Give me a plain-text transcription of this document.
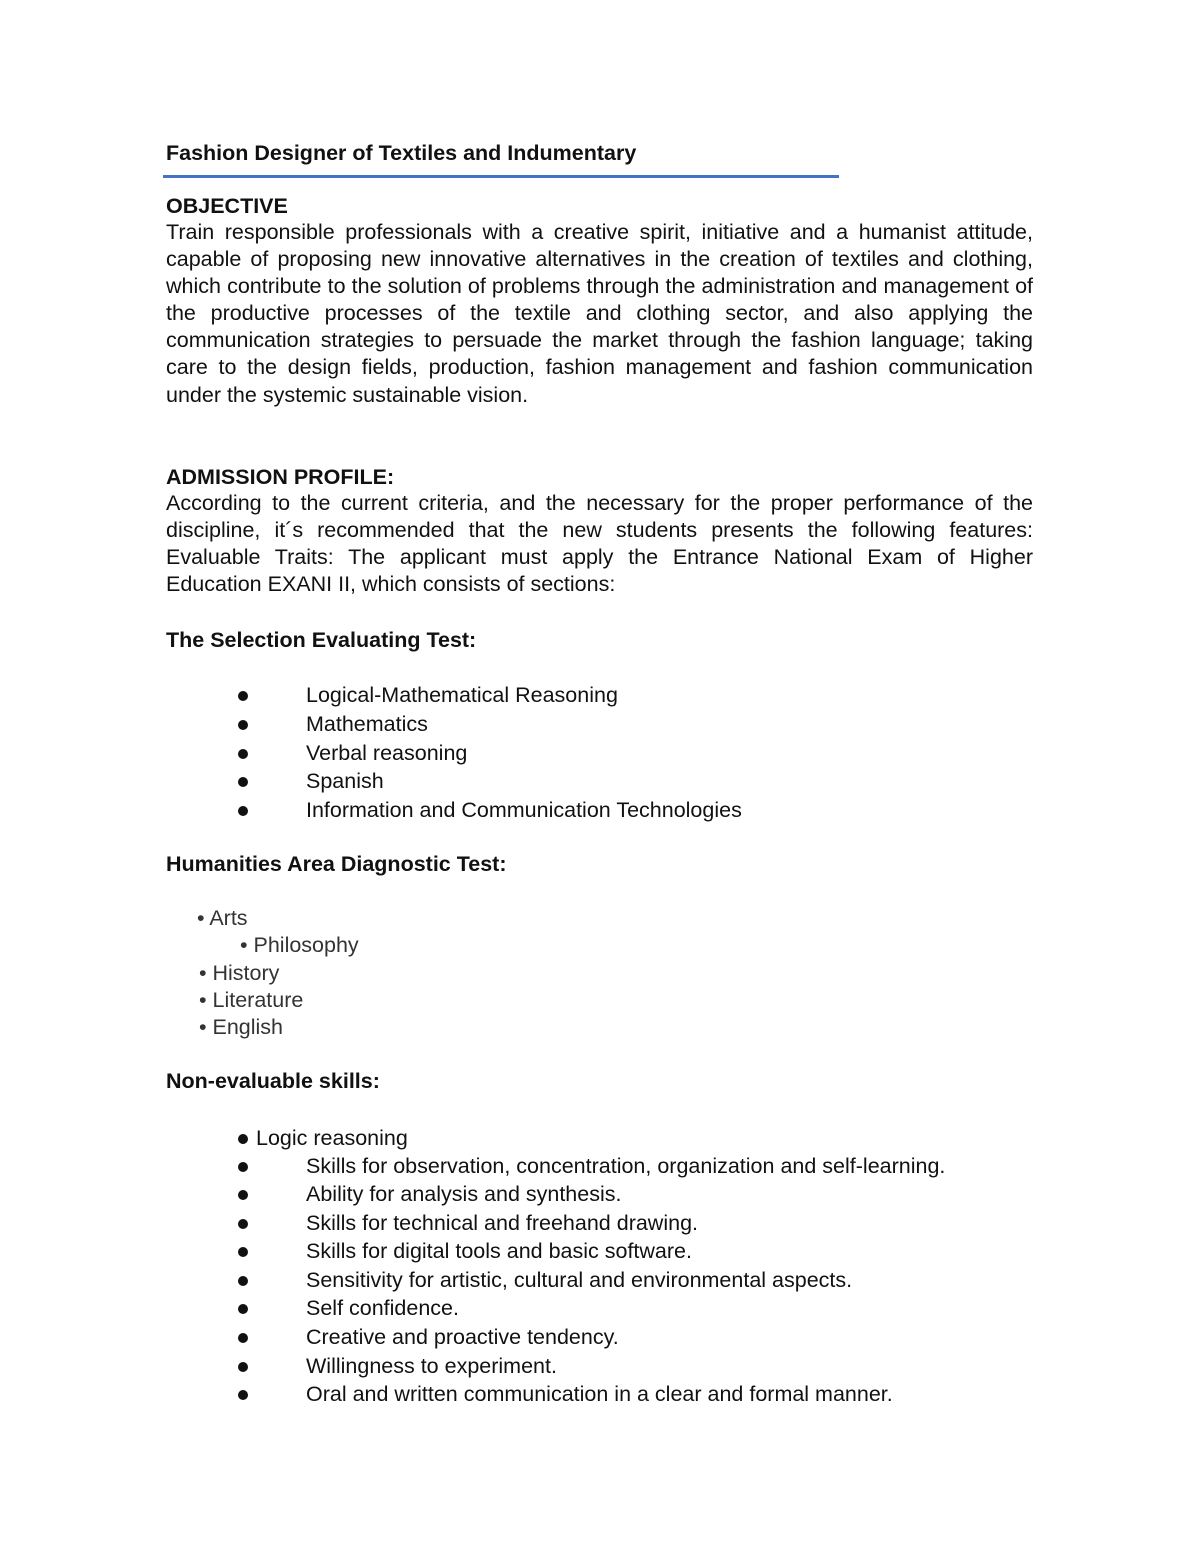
Fashion Designer of Textiles and Indumentary
OBJECTIVE
Train responsible professionals with a creative spirit, initiative and a humanist attitude, capable of proposing new innovative alternatives in the creation of textiles and clothing, which contribute to the solution of problems through the administration and management of the productive processes of the textile and clothing sector, and also applying the communication strategies to persuade the market through the fashion language; taking care to the design fields, production, fashion management and fashion communication under the systemic sustainable vision.
ADMISSION PROFILE:
According to the current criteria, and the necessary for the proper performance of the discipline, it´s recommended that the new students presents the following features: Evaluable Traits: The applicant must apply the Entrance National Exam of Higher Education EXANI II, which consists of sections:
The Selection Evaluating Test:
Logical-Mathematical Reasoning
Mathematics
Verbal reasoning
Spanish
Information and Communication Technologies
Humanities Area Diagnostic Test:
• Arts
• Philosophy
• History
• Literature
• English
Non-evaluable skills:
Logic reasoning
Skills for observation, concentration, organization and self-learning.
Ability for analysis and synthesis.
Skills for technical and freehand drawing.
Skills for digital tools and basic software.
Sensitivity for artistic, cultural and environmental aspects.
Self confidence.
Creative and proactive tendency.
Willingness to experiment.
Oral and written communication in a clear and formal manner.
